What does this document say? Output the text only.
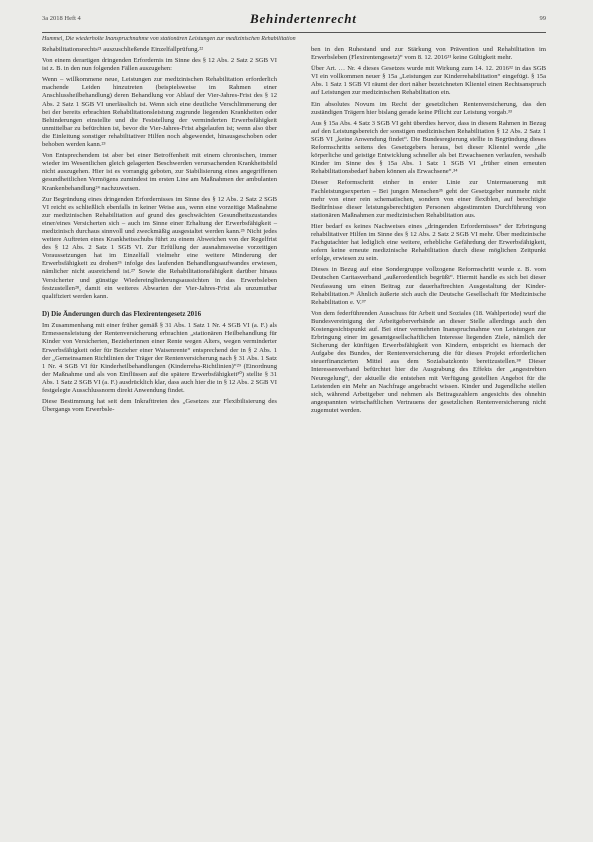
3a 2018 Heft 4	Behindertenrecht	99
Hummel, Die wiederholte Inanspruchnahme von stationären Leistungen zur medizinischen Rehabilitation

Rehabilitationsrechts²¹ auszuschließende Einzelfallprüfung.²²

Von einem derartigen dringenden Erfordernis im Sinne des § 12 Abs. 2 Satz 2 SGB VI ist z. B. in den nun folgenden Fällen auszugehen:

Wenn – willkommene neue, Leistungen zur medizinischen Rehabilitation erforderlich machende Leiden hinzutreten (beispielsweise im Rahmen einer Anschlussheilbehandlung) deren Behandlung vor Ablauf der Vier-Jahres-Frist des § 12 Abs. 2 Satz 1 SGB VI unerlässlich ist. Wenn sich eine deutliche Verschlimmerung der bei der bereits erbrachten Rehabilitationsleistung zugrunde liegenden Krankheiten oder Behinderungen einstellte und die Feststellung der verminderten Erwerbsfähigkeit unmittelbar zu befürchten ist, bevor die Vier-Jahres-Frist abgelaufen ist; wenn also über die Einleitung sonstiger rehabilitativer Hilfen noch abgewendet, hinausgeschoben oder behoben werden kann.²³

Von Entsprechendem ist aber bei einer Betroffenheit mit einem chronischen, immer wieder im Wesentlichen gleich gelagerten Beschwerden verursachenden Krankheitsbild nicht auszugehen. Hier ist es vorrangig geboten, zur Stabilisierung eines angegriffenen gesundheitlichen Vermögens zumindest im ersten Line am Maßnahmen der ambulanten Krankenbehandlung²⁴ nachzuweisen.

Zur Begründung eines dringenden Erfordernisses im Sinne des § 12 Abs. 2 Satz 2 SGB VI reicht es schließlich ebenfalls in keiner Weise aus, wenn eine vorzeitige Maßnahme zur medizinischen Rehabilitation auf grund des geschwächten Gesundheitszustandes einer/eines Versicherten sich – auch im Sinne einer Erhaltung der Erwerbsfähigkeit – medizinisch durchaus sinnvoll und zweckmäßig ausgestaltet werden kann.²⁵ Nicht jedes weitere Auftreten eines Krankheitsschubs führt zu einem Abweichen von der Regelfrist des § 12 Abs. 2 Satz 1 SGB VI. Zur Erfüllung der ausnahmsweise vorzeitigen Voraussetzungen hat im Einzelfall vielmehr eine weitere Minderung der Erwerbsfähigkeit zu drohen²⁶ infolge des laufenden Behandlungsaufwandes erwiesen, nämlicher nicht ausreichend ist.²⁷ Sowie die Rehabilitationsfähigkeit darüber hinaus Versicherter und günstige Wiedereingliederungsaussichten in das Erwerbsleben festzustellen²⁸, damit ein weiteres Abwarten der Vier-Jahres-Frist als unzumutbar qualifiziert werden kann.

D) Die Änderungen durch das Flexirentengesetz 2016

Im Zusammenhang mit einer früher gemäß § 31 Abs. 1 Satz 1 Nr. 4 SGB VI (a. F.) als Ermessensleistung der Rentenversicherung erbrachten „stationären Heilbehandlung für Kinder von Versicherten, Bezieherinnen einer Rente wegen Alters, wegen verminderter Erwerbsfähigkeit oder für Bezieher einer Waisenrente“ entsprechend der in § 2 Abs. 1 der „Gemeinsamen Richtlinien der Träger der Rentenversicherung nach § 31 Abs. 1 Satz 1 Nr. 4 SGB VI für Kinderheilbehandlungen (Kinderreha-Richtlinien)“²⁹ (Einordnung der Maßnahme und als von Einflüssen auf die spätere Erwerbsfähigkeit³⁰) stellte § 31 Abs. 1 Satz 2 SGB VI (a. F.) ausdrücklich klar, dass auch hier die in § 12 Abs. 2 SGB VI festgelegte Ausschlussnorm direkt Anwendung findet.

Diese Bestimmung hat seit dem Inkrafttreten des „Gesetzes zur Flexibilisierung des Übergangs vom Erwerbsle-

ben in den Ruhestand und zur Stärkung von Prävention und Rehabilitation im Erwerbsleben (Flexirentengesetz)“ vom 8. 12. 2016³¹ keine Gültigkeit mehr.

Über Art. … Nr. 4 dieses Gesetzes wurde mit Wirkung zum 14. 12. 2016³² in das SGB VI ein vollkommen neuer § 15a „Leistungen zur Kinderrehabilitation“ eingefügt. § 15a Abs. 1 Satz 1 SGB VI räumt der dort näher bezeichneten Klientel einen Rechtsanspruch auf Leistungen zur medizinischen Rehabilitation ein.

Ein absolutes Novum im Recht der gesetzlichen Rentenversicherung, das den zuständigen Trägern hier bislang gerade keine Pflicht zur Leistung vorgab.³³

Aus § 15a Abs. 4 Satz 3 SGB VI geht überdies hervor, dass in diesem Rahmen in Bezug auf den Leistungsbereich der sonstigen medizinischen Rehabilitation § 12 Abs. 2 Satz 1 SGB VI „keine Anwendung findet“. Die Bundesregierung stellte in Begründung dieses Reformschritts seitens des Gesetzgebers heraus, bei dieser Klientel werde „die körperliche und geistige Entwicklung schneller als bei Erwachsenen verlaufen, weshalb Kinder im Sinne des § 15a Abs. 1 Satz 1 SGB VI „früher einen erneuten Rehabilitationsbedarf haben können als Erwachsene“.³⁴

Dieser Reformschritt einher in erster Linie zur Untermauerung mit Fachleistungsexperten – Bei jungen Menschen³⁵ geht der Gesetzgeber nunmehr nicht mehr von einer rein schematischen, sondern von einer flexiblen, auf berechtigte Bedürfnisse dieser leistungsberechtigten Personen abgestimmten Durchführung von stationären Maßnahmen zur medizinischen Rehabilitation aus.

Hier bedarf es keines Nachweises eines „dringenden Erfordernisses“ der Erbringung rehabilitativer Hilfen im Sinne des § 12 Abs. 2 Satz 2 SGB VI mehr. Über medizinische Fachgutachter hat lediglich eine weitere, erhebliche Gefährdung der Erwerbsfähigkeit, sofern keine erneute medizinische Rehabilitation durch diese möglichen Zeitpunkt erfolge, erwiesen zu sein.

Dieses in Bezug auf eine Sondergruppe vollzogene Reformschritt wurde z. B. vom Deutschen Caritasverband „außerordentlich begrüßt“. Hiermit handle es sich bei dieser Neufassung um einen Beitrag zur dauerhaftrechten Ausgestaltung der Kinder-Rehabilitation.³⁶ Ähnlich äußerte sich auch die Deutsche Gesellschaft für Medizinische Rehabilitation e. V.³⁷

Von dem federführenden Ausschuss für Arbeit und Soziales (18. Wahlperiode) wurf die Bundesvereinigung der Arbeitgeberverbände an dieser Stelle allerdings auch den Kostengesichtspunkt auf. Bei einer vermehrten Inanspruchnahme von Leistungen zur Erbringung einer im gesamtgesellschaftlichen Interesse liegenden Ziele, nämlich der Sicherung der künftigen Erwerbsfähigkeit von Kindern, entspricht es hiernach der Aufgabe des Bundes, der Rentenversicherung die für dieses Projekt erforderlichen steuerfinanzierten Mittel aus dem Sozialsatzkonto bereitzustellen.³⁸ Dieser Interessenverband befürchtet hier die Ausgrabung des Effekts der „angestrebten Neuregelung“, der aktuelle die entstehen mit Verfügung gestellten Angebot für die Leistenden ein Mehr an Nachfrage angebracht wissen. Kinder und Jugendliche stellen sich, während Arbeitgeber und nehmen als Beitragszahlern angesichts des ohnehin angespannten wirtschaftlichen Vertrauens der gesetzlichen Rentenversicherung nicht zugemutet werden.
